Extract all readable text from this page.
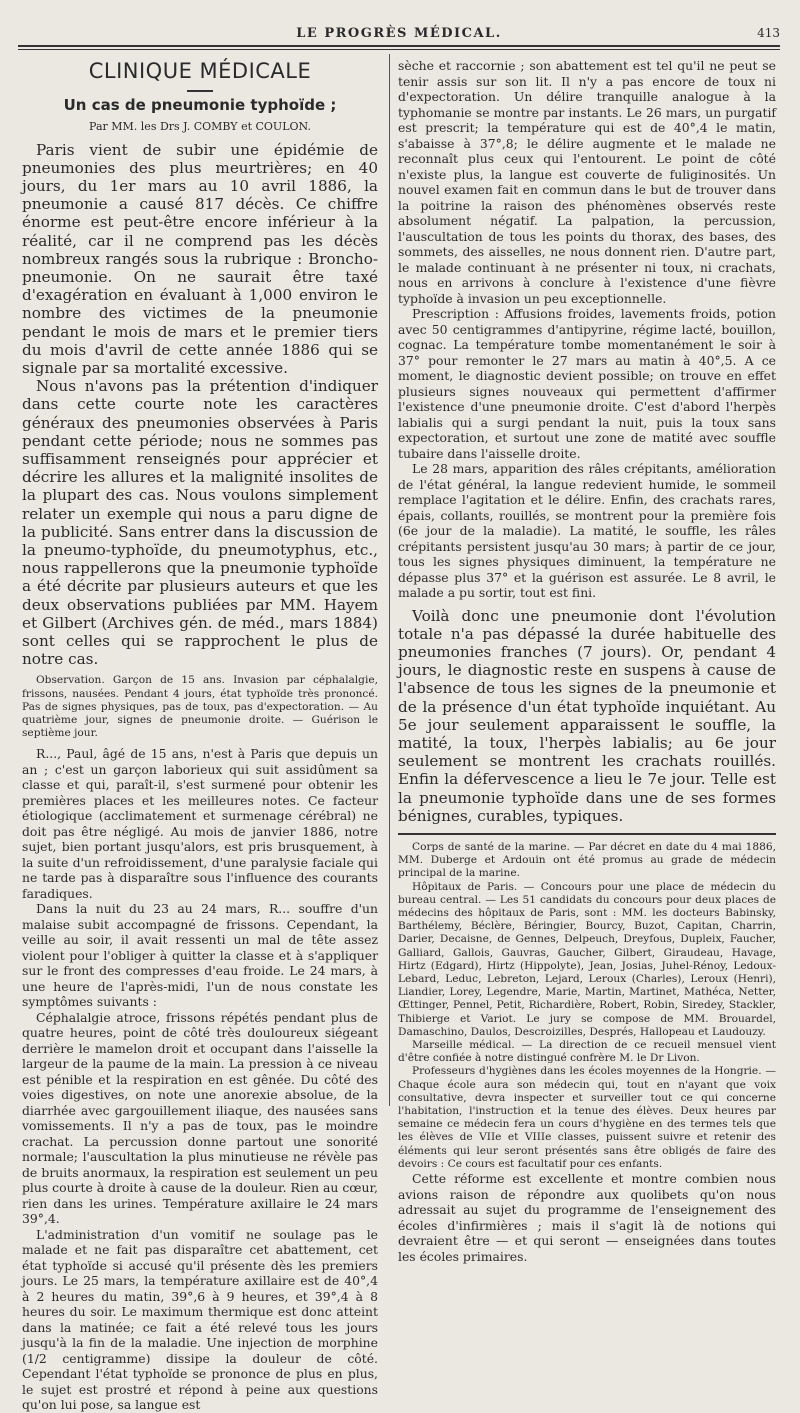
LE PROGRÈS MÉDICAL.	413
CLINIQUE MÉDICALE
Un cas de pneumonie typhoïde ;
Par MM. les Drs J. COMBY et COULON.

Paris vient de subir une épidémie de pneumonies des plus meurtrières; en 40 jours, du 1er mars au 10 avril 1886, la pneumonie a causé 817 décès. Ce chiffre énorme est peut-être encore inférieur à la réalité, car il ne comprend pas les décès nombreux rangés sous la rubrique : Broncho-pneumonie. On ne saurait être taxé d'exagération en évaluant à 1,000 environ le nombre des victimes de la pneumonie pendant le mois de mars et le premier tiers du mois d'avril de cette année 1886 qui se signale par sa mortalité excessive.

Nous n'avons pas la prétention d'indiquer dans cette courte note les caractères généraux des pneumonies observées à Paris pendant cette période; nous ne sommes pas suffisamment renseignés pour apprécier et décrire les allures et la malignité insolites de la plupart des cas. Nous voulons simplement relater un exemple qui nous a paru digne de la publicité. Sans entrer dans la discussion de la pneumo-typhoïde, du pneumotyphus, etc., nous rappellerons que la pneumonie typhoïde a été décrite par plusieurs auteurs et que les deux observations publiées par MM. Hayem et Gilbert (Archives gén. de méd., mars 1884) sont celles qui se rapprochent le plus de notre cas.

Observation. Garçon de 15 ans. Invasion par céphalalgie, frissons, nausées. Pendant 4 jours, état typhoïde très prononcé. Pas de signes physiques, pas de toux, pas d'expectoration. — Au quatrième jour, signes de pneumonie droite. — Guérison le septième jour.

R..., Paul, âgé de 15 ans, n'est à Paris que depuis un an ; c'est un garçon laborieux qui suit assidûment sa classe et qui, paraît-il, s'est surmené pour obtenir les premières places et les meilleures notes. Ce facteur étiologique (acclimatement et surmenage cérébral) ne doit pas être négligé. Au mois de janvier 1886, notre sujet, bien portant jusqu'alors, est pris brusquement, à la suite d'un refroidissement, d'une paralysie faciale qui ne tarde pas à disparaître sous l'influence des courants faradiques.

Dans la nuit du 23 au 24 mars, R... souffre d'un malaise subit accompagné de frissons. Cependant, la veille au soir, il avait ressenti un mal de tête assez violent pour l'obliger à quitter la classe et à s'appliquer sur le front des compresses d'eau froide. Le 24 mars, à une heure de l'après-midi, l'un de nous constate les symptômes suivants :

Céphalalgie atroce, frissons répétés pendant plus de quatre heures, point de côté très douloureux siégeant derrière le mamelon droit et occupant dans l'aisselle la largeur de la paume de la main. La pression à ce niveau est pénible et la respiration en est gênée. Du côté des voies digestives, on note une anorexie absolue, de la diarrhée avec gargouillement iliaque, des nausées sans vomissements. Il n'y a pas de toux, pas le moindre crachat. La percussion donne partout une sonorité normale; l'auscultation la plus minutieuse ne révèle pas de bruits anormaux, la respiration est seulement un peu plus courte à droite à cause de la douleur. Rien au cœur, rien dans les urines. Température axillaire le 24 mars 39°,4.

L'administration d'un vomitif ne soulage pas le malade et ne fait pas disparaître cet abattement, cet état typhoïde si accusé qu'il présente dès les premiers jours. Le 25 mars, la température axillaire est de 40°,4 à 2 heures du matin, 39°,6 à 9 heures, et 39°,4 à 8 heures du soir. Le maximum thermique est donc atteint dans la matinée; ce fait a été relevé tous les jours jusqu'à la fin de la maladie. Une injection de morphine (1/2 centigramme) dissipe la douleur de côté. Cependant l'état typhoïde se prononce de plus en plus, le sujet est prostré et répond à peine aux questions qu'on lui pose, sa langue est

sèche et raccornie ; son abattement est tel qu'il ne peut se tenir assis sur son lit. Il n'y a pas encore de toux ni d'expectoration. Un délire tranquille analogue à la typhomanie se montre par instants. Le 26 mars, un purgatif est prescrit; la température qui est de 40°,4 le matin, s'abaisse à 37°,8; le délire augmente et le malade ne reconnaît plus ceux qui l'entourent. Le point de côté n'existe plus, la langue est couverte de fuliginosités. Un nouvel examen fait en commun dans le but de trouver dans la poitrine la raison des phénomènes observés reste absolument négatif. La palpation, la percussion, l'auscultation de tous les points du thorax, des bases, des sommets, des aisselles, ne nous donnent rien. D'autre part, le malade continuant à ne présenter ni toux, ni crachats, nous en arrivons à conclure à l'existence d'une fièvre typhoïde à invasion un peu exceptionnelle.

Prescription : Affusions froides, lavements froids, potion avec 50 centigrammes d'antipyrine, régime lacté, bouillon, cognac. La température tombe momentanément le soir à 37° pour remonter le 27 mars au matin à 40°,5. A ce moment, le diagnostic devient possible; on trouve en effet plusieurs signes nouveaux qui permettent d'affirmer l'existence d'une pneumonie droite. C'est d'abord l'herpès labialis qui a surgi pendant la nuit, puis la toux sans expectoration, et surtout une zone de matité avec souffle tubaire dans l'aisselle droite.

Le 28 mars, apparition des râles crépitants, amélioration de l'état général, la langue redevient humide, le sommeil remplace l'agitation et le délire. Enfin, des crachats rares, épais, collants, rouillés, se montrent pour la première fois (6e jour de la maladie). La matité, le souffle, les râles crépitants persistent jusqu'au 30 mars; à partir de ce jour, tous les signes physiques diminuent, la température ne dépasse plus 37° et la guérison est assurée. Le 8 avril, le malade a pu sortir, tout est fini.

Voilà donc une pneumonie dont l'évolution totale n'a pas dépassé la durée habituelle des pneumonies franches (7 jours). Or, pendant 4 jours, le diagnostic reste en suspens à cause de l'absence de tous les signes de la pneumonie et de la présence d'un état typhoïde inquiétant. Au 5e jour seulement apparaissent le souffle, la matité, la toux, l'herpès labialis; au 6e jour seulement se montrent les crachats rouillés. Enfin la défervescence a lieu le 7e jour. Telle est la pneumonie typhoïde dans une de ses formes bénignes, curables, typiques.

Corps de santé de la marine. — Par décret en date du 4 mai 1886, MM. Duberge et Ardouin ont été promus au grade de médecin principal de la marine.

Hôpitaux de Paris. — Concours pour une place de médecin du bureau central. — Les 51 candidats du concours pour deux places de médecins des hôpitaux de Paris, sont : MM. les docteurs Babinsky, Barthélemy, Béclère, Béringier, Bourcy, Buzot, Capitan, Charrin, Darier, Decaisne, de Gennes, Delpeuch, Dreyfous, Dupleix, Faucher, Galliard, Gallois, Gauvras, Gaucher, Gilbert, Giraudeau, Havage, Hirtz (Edgard), Hirtz (Hippolyte), Jean, Josias, Juhel-Rénoy, Ledoux-Lebard, Leduc, Lebreton, Lejard, Leroux (Charles), Leroux (Henri), Liandier, Lorey, Legendre, Marie, Martin, Martinet, Mathéca, Netter, Œttinger, Pennel, Petit, Richardière, Robert, Robin, Siredey, Stackler, Thibierge et Variot. Le jury se compose de MM. Brouardel, Damaschino, Daulos, Descroizilles, Després, Hallopeau et Laudouzy.

Marseille médical. — La direction de ce recueil mensuel vient d'être confiée à notre distingué confrère M. le Dr Livon.

Professeurs d'hygiènes dans les écoles moyennes de la Hongrie. — Chaque école aura son médecin qui, tout en n'ayant que voix consultative, devra inspecter et surveiller tout ce qui concerne l'habitation, l'instruction et la tenue des élèves. Deux heures par semaine ce médecin fera un cours d'hygiène en des termes tels que les élèves de VIIe et VIIIe classes, puissent suivre et retenir des éléments qui leur seront présentés sans être obligés de faire des devoirs : Ce cours est facultatif pour ces enfants.

Cette réforme est excellente et montre combien nous avions raison de répondre aux quolibets qu'on nous adressait au sujet du programme de l'enseignement des écoles d'infirmières ; mais il s'agit là de notions qui devraient être — et qui seront — enseignées dans toutes les écoles primaires.
